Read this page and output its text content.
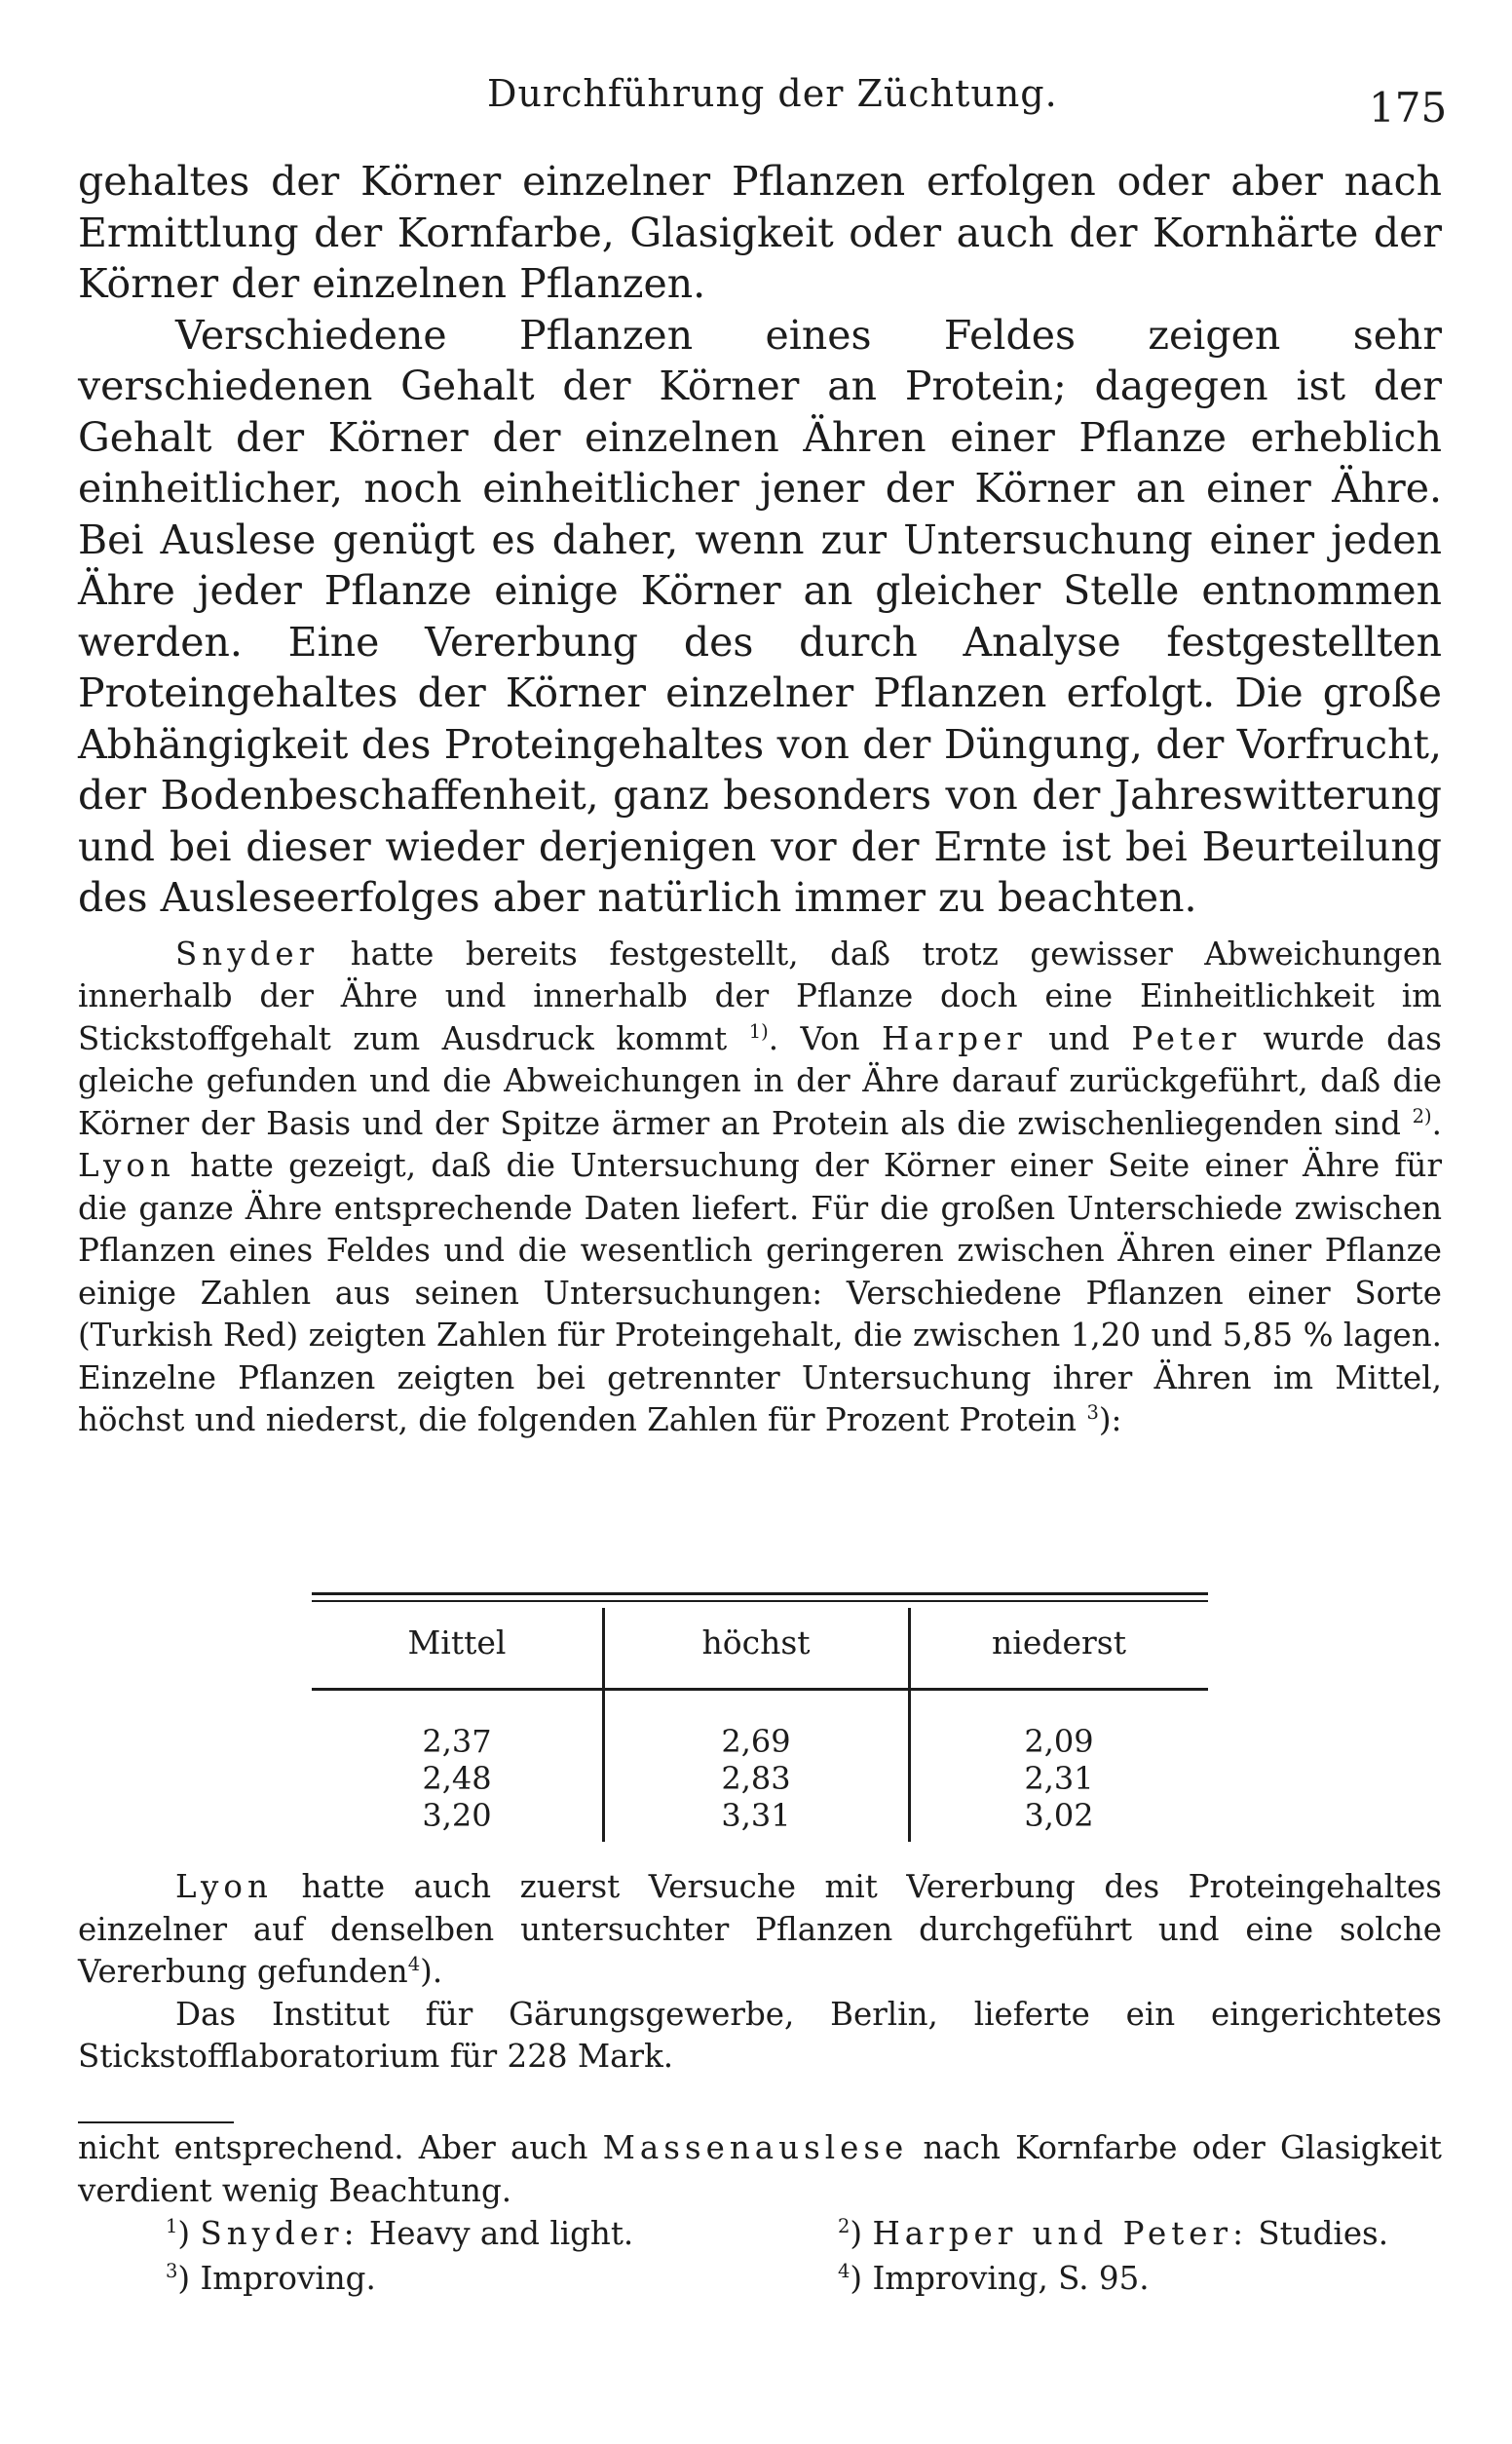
Durchführung der Züchtung.	175

gehaltes der Körner einzelner Pflanzen erfolgen oder aber nach Ermittlung der Kornfarbe, Glasigkeit oder auch der Kornhärte der Körner der einzelnen Pflanzen.

Verschiedene Pflanzen eines Feldes zeigen sehr verschiedenen Gehalt der Körner an Protein; dagegen ist der Gehalt der Körner der einzelnen Ähren einer Pflanze erheblich einheitlicher, noch einheitlicher jener der Körner an einer Ähre. Bei Auslese genügt es daher, wenn zur Untersuchung einer jeden Ähre jeder Pflanze einige Körner an gleicher Stelle entnommen werden. Eine Vererbung des durch Analyse festgestellten Proteingehaltes der Körner einzelner Pflanzen erfolgt. Die große Abhängigkeit des Proteingehaltes von der Düngung, der Vorfrucht, der Bodenbeschaffenheit, ganz besonders von der Jahreswitterung und bei dieser wieder derjenigen vor der Ernte ist bei Beurteilung des Ausleseerfolges aber natürlich immer zu beachten.

Snyder hatte bereits festgestellt, daß trotz gewisser Abweichungen innerhalb der Ähre und innerhalb der Pflanze doch eine Einheitlichkeit im Stickstoffgehalt zum Ausdruck kommt $^{1)}$. Von Harper und Peter wurde das gleiche gefunden und die Abweichungen in der Ähre darauf zurückgeführt, daß die Körner der Basis und der Spitze ärmer an Protein als die zwischenliegenden sind $^{2)}$. Lyon hatte gezeigt, daß die Untersuchung der Körner einer Seite einer Ähre für die ganze Ähre entsprechende Daten liefert. Für die großen Unterschiede zwischen Pflanzen eines Feldes und die wesentlich geringeren zwischen Ähren einer Pflanze einige Zahlen aus seinen Untersuchungen: Verschiedene Pflanzen einer Sorte (Turkish Red) zeigten Zahlen für Proteingehalt, die zwischen 1,20 und 5,85 % lagen. Einzelne Pflanzen zeigten bei getrennter Untersuchung ihrer Ähren im Mittel, höchst und niederst, die folgenden Zahlen für Prozent Protein $^3$):

Mittel	höchst	niederst
2,37	2,69	2,09
2,48	2,83	2,31
3,20	3,31	3,02

Lyon hatte auch zuerst Versuche mit Vererbung des Proteingehaltes einzelner auf denselben untersuchter Pflanzen durchgeführt und eine solche Vererbung gefunden$^4$).

Das Institut für Gärungsgewerbe, Berlin, lieferte ein eingerichtetes Stickstofflaboratorium für 228 Mark.

nicht entsprechend. Aber auch Massenauslese nach Kornfarbe oder Glasigkeit verdient wenig Beachtung.

$^1$) Snyder: Heavy and light.	$^2$) Harper und Peter: Studies.
$^3$) Improving.	$^4$) Improving, S. 95.
